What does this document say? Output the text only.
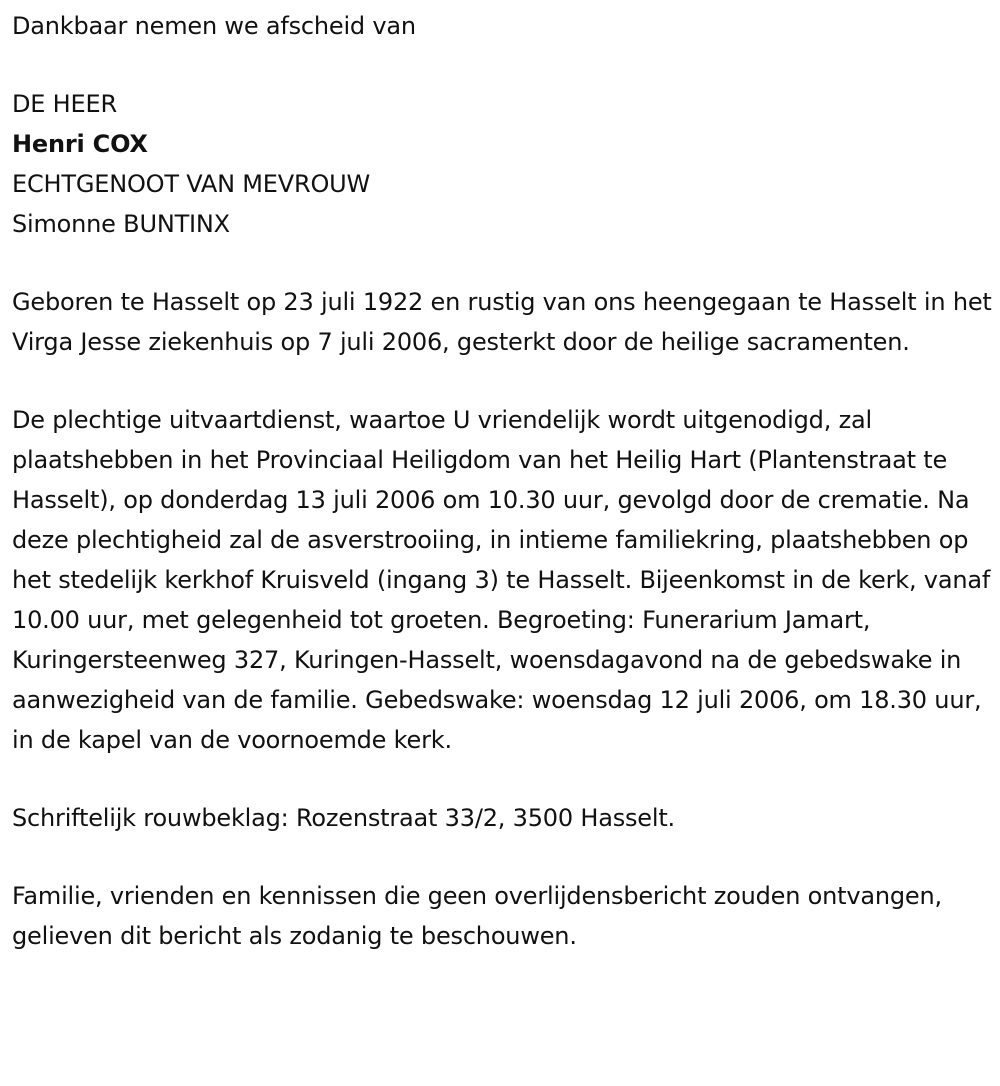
Dankbaar nemen we afscheid van

DE HEER

Henri COX

ECHTGENOOT VAN MEVROUW

Simonne BUNTINX

Geboren te Hasselt op 23 juli 1922 en rustig van ons heengegaan te Hasselt in het Virga Jesse ziekenhuis op 7 juli 2006, gesterkt door de heilige sacramenten.

De plechtige uitvaartdienst, waartoe U vriendelijk wordt uitgenodigd, zal plaatshebben in het Provinciaal Heiligdom van het Heilig Hart (Plantenstraat te Hasselt), op donderdag 13 juli 2006 om 10.30 uur, gevolgd door de crematie. Na deze plechtigheid zal de asverstrooiing, in intieme familiekring, plaatshebben op het stedelijk kerkhof Kruisveld (ingang 3) te Hasselt. Bijeenkomst in de kerk, vanaf 10.00 uur, met gelegenheid tot groeten. Begroeting: Funerarium Jamart, Kuringersteenweg 327, Kuringen-Hasselt, woensdagavond na de gebedswake in aanwezigheid van de familie. Gebedswake: woensdag 12 juli 2006, om 18.30 uur, in de kapel van de voornoemde kerk.

Schriftelijk rouwbeklag: Rozenstraat 33/2, 3500 Hasselt.

Familie, vrienden en kennissen die geen overlijdensbericht zouden ontvangen, gelieven dit bericht als zodanig te beschouwen.
